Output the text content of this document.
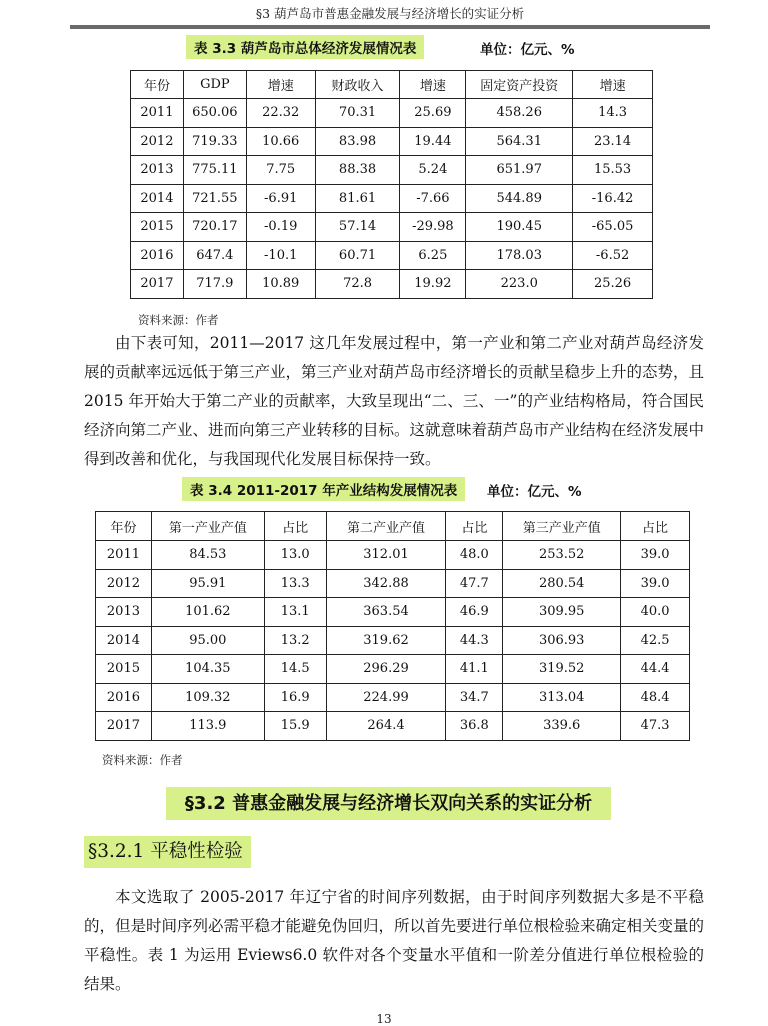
§3 葫芦岛市普惠金融发展与经济增长的实证分析
表 3.3 葫芦岛市总体经济发展情况表	单位：亿元、%
年份	GDP	增速	财政收入	增速	固定资产投资	增速
2011	650.06	22.32	70.31	25.69	458.26	14.3
2012	719.33	10.66	83.98	19.44	564.31	23.14
2013	775.11	7.75	88.38	5.24	651.97	15.53
2014	721.55	-6.91	81.61	-7.66	544.89	-16.42
2015	720.17	-0.19	57.14	-29.98	190.45	-65.05
2016	647.4	-10.1	60.71	6.25	178.03	-6.52
2017	717.9	10.89	72.8	19.92	223.0	25.26
资料来源：作者

由下表可知，2011—2017 这几年发展过程中，第一产业和第二产业对葫芦岛经济发展的贡献率远远低于第三产业，第三产业对葫芦岛市经济增长的贡献呈稳步上升的态势，且 2015 年开始大于第二产业的贡献率，大致呈现出“二、三、一”的产业结构格局，符合国民经济向第二产业、进而向第三产业转移的目标。这就意味着葫芦岛市产业结构在经济发展中得到改善和优化，与我国现代化发展目标保持一致。

表 3.4 2011-2017 年产业结构发展情况表	单位：亿元、%
年份	第一产业产值	占比	第二产业产值	占比	第三产业产值	占比
2011	84.53	13.0	312.01	48.0	253.52	39.0
2012	95.91	13.3	342.88	47.7	280.54	39.0
2013	101.62	13.1	363.54	46.9	309.95	40.0
2014	95.00	13.2	319.62	44.3	306.93	42.5
2015	104.35	14.5	296.29	41.1	319.52	44.4
2016	109.32	16.9	224.99	34.7	313.04	48.4
2017	113.9	15.9	264.4	36.8	339.6	47.3
资料来源：作者
§3.2 普惠金融发展与经济增长双向关系的实证分析
§3.2.1 平稳性检验

本文选取了 2005-2017 年辽宁省的时间序列数据，由于时间序列数据大多是不平稳的，但是时间序列必需平稳才能避免伪回归，所以首先要进行单位根检验来确定相关变量的平稳性。表 1 为运用 Eviews6.0 软件对各个变量水平值和一阶差分值进行单位根检验的结果。

13
